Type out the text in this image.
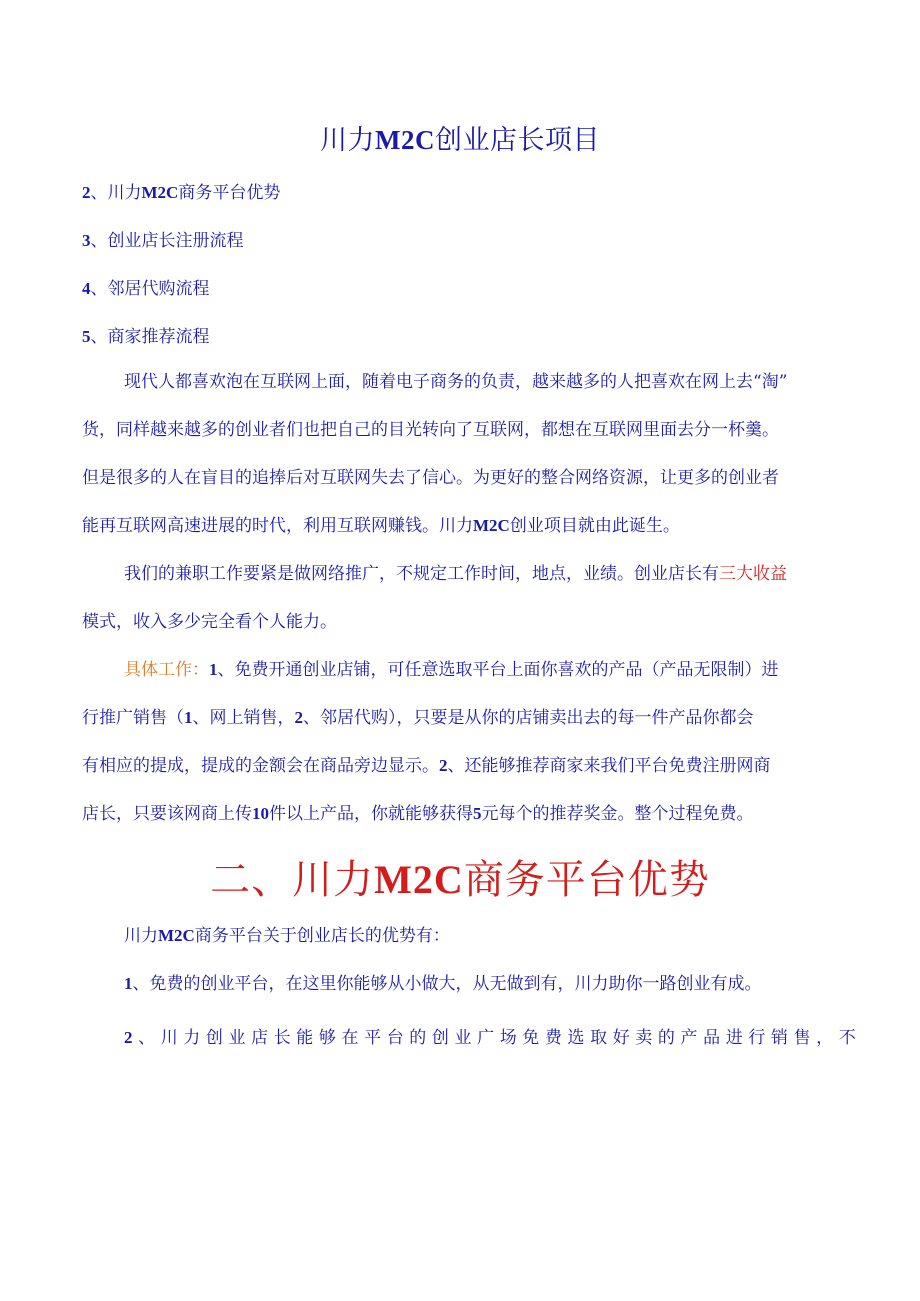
川力M2C创业店长项目
2、川力M2C商务平台优势
3、创业店长注册流程
4、邻居代购流程
5、商家推荐流程
现代人都喜欢泡在互联网上面，随着电子商务的负责，越来越多的人把喜欢在网上去“淘”
货，同样越来越多的创业者们也把自己的目光转向了互联网，都想在互联网里面去分一杯羹。
但是很多的人在盲目的追捧后对互联网失去了信心。为更好的整合网络资源，让更多的创业者
能再互联网高速进展的时代，利用互联网赚钱。川力M2C创业项目就由此诞生。
我们的兼职工作要紧是做网络推广，不规定工作时间，地点，业绩。创业店长有三大收益
模式，收入多少完全看个人能力。
具体工作：1、免费开通创业店铺，可任意选取平台上面你喜欢的产品（产品无限制）进
行推广销售（1、网上销售，2、邻居代购），只要是从你的店铺卖出去的每一件产品你都会
有相应的提成，提成的金额会在商品旁边显示。2、还能够推荐商家来我们平台免费注册网商
店长，只要该网商上传10件以上产品，你就能够获得5元每个的推荐奖金。整个过程免费。
二、川力M2C商务平台优势
川力M2C商务平台关于创业店长的优势有：
1、免费的创业平台，在这里你能够从小做大，从无做到有，川力助你一路创业有成。
2、川力创业店长能够在平台的创业广场免费选取好卖的产品进行销售，不
